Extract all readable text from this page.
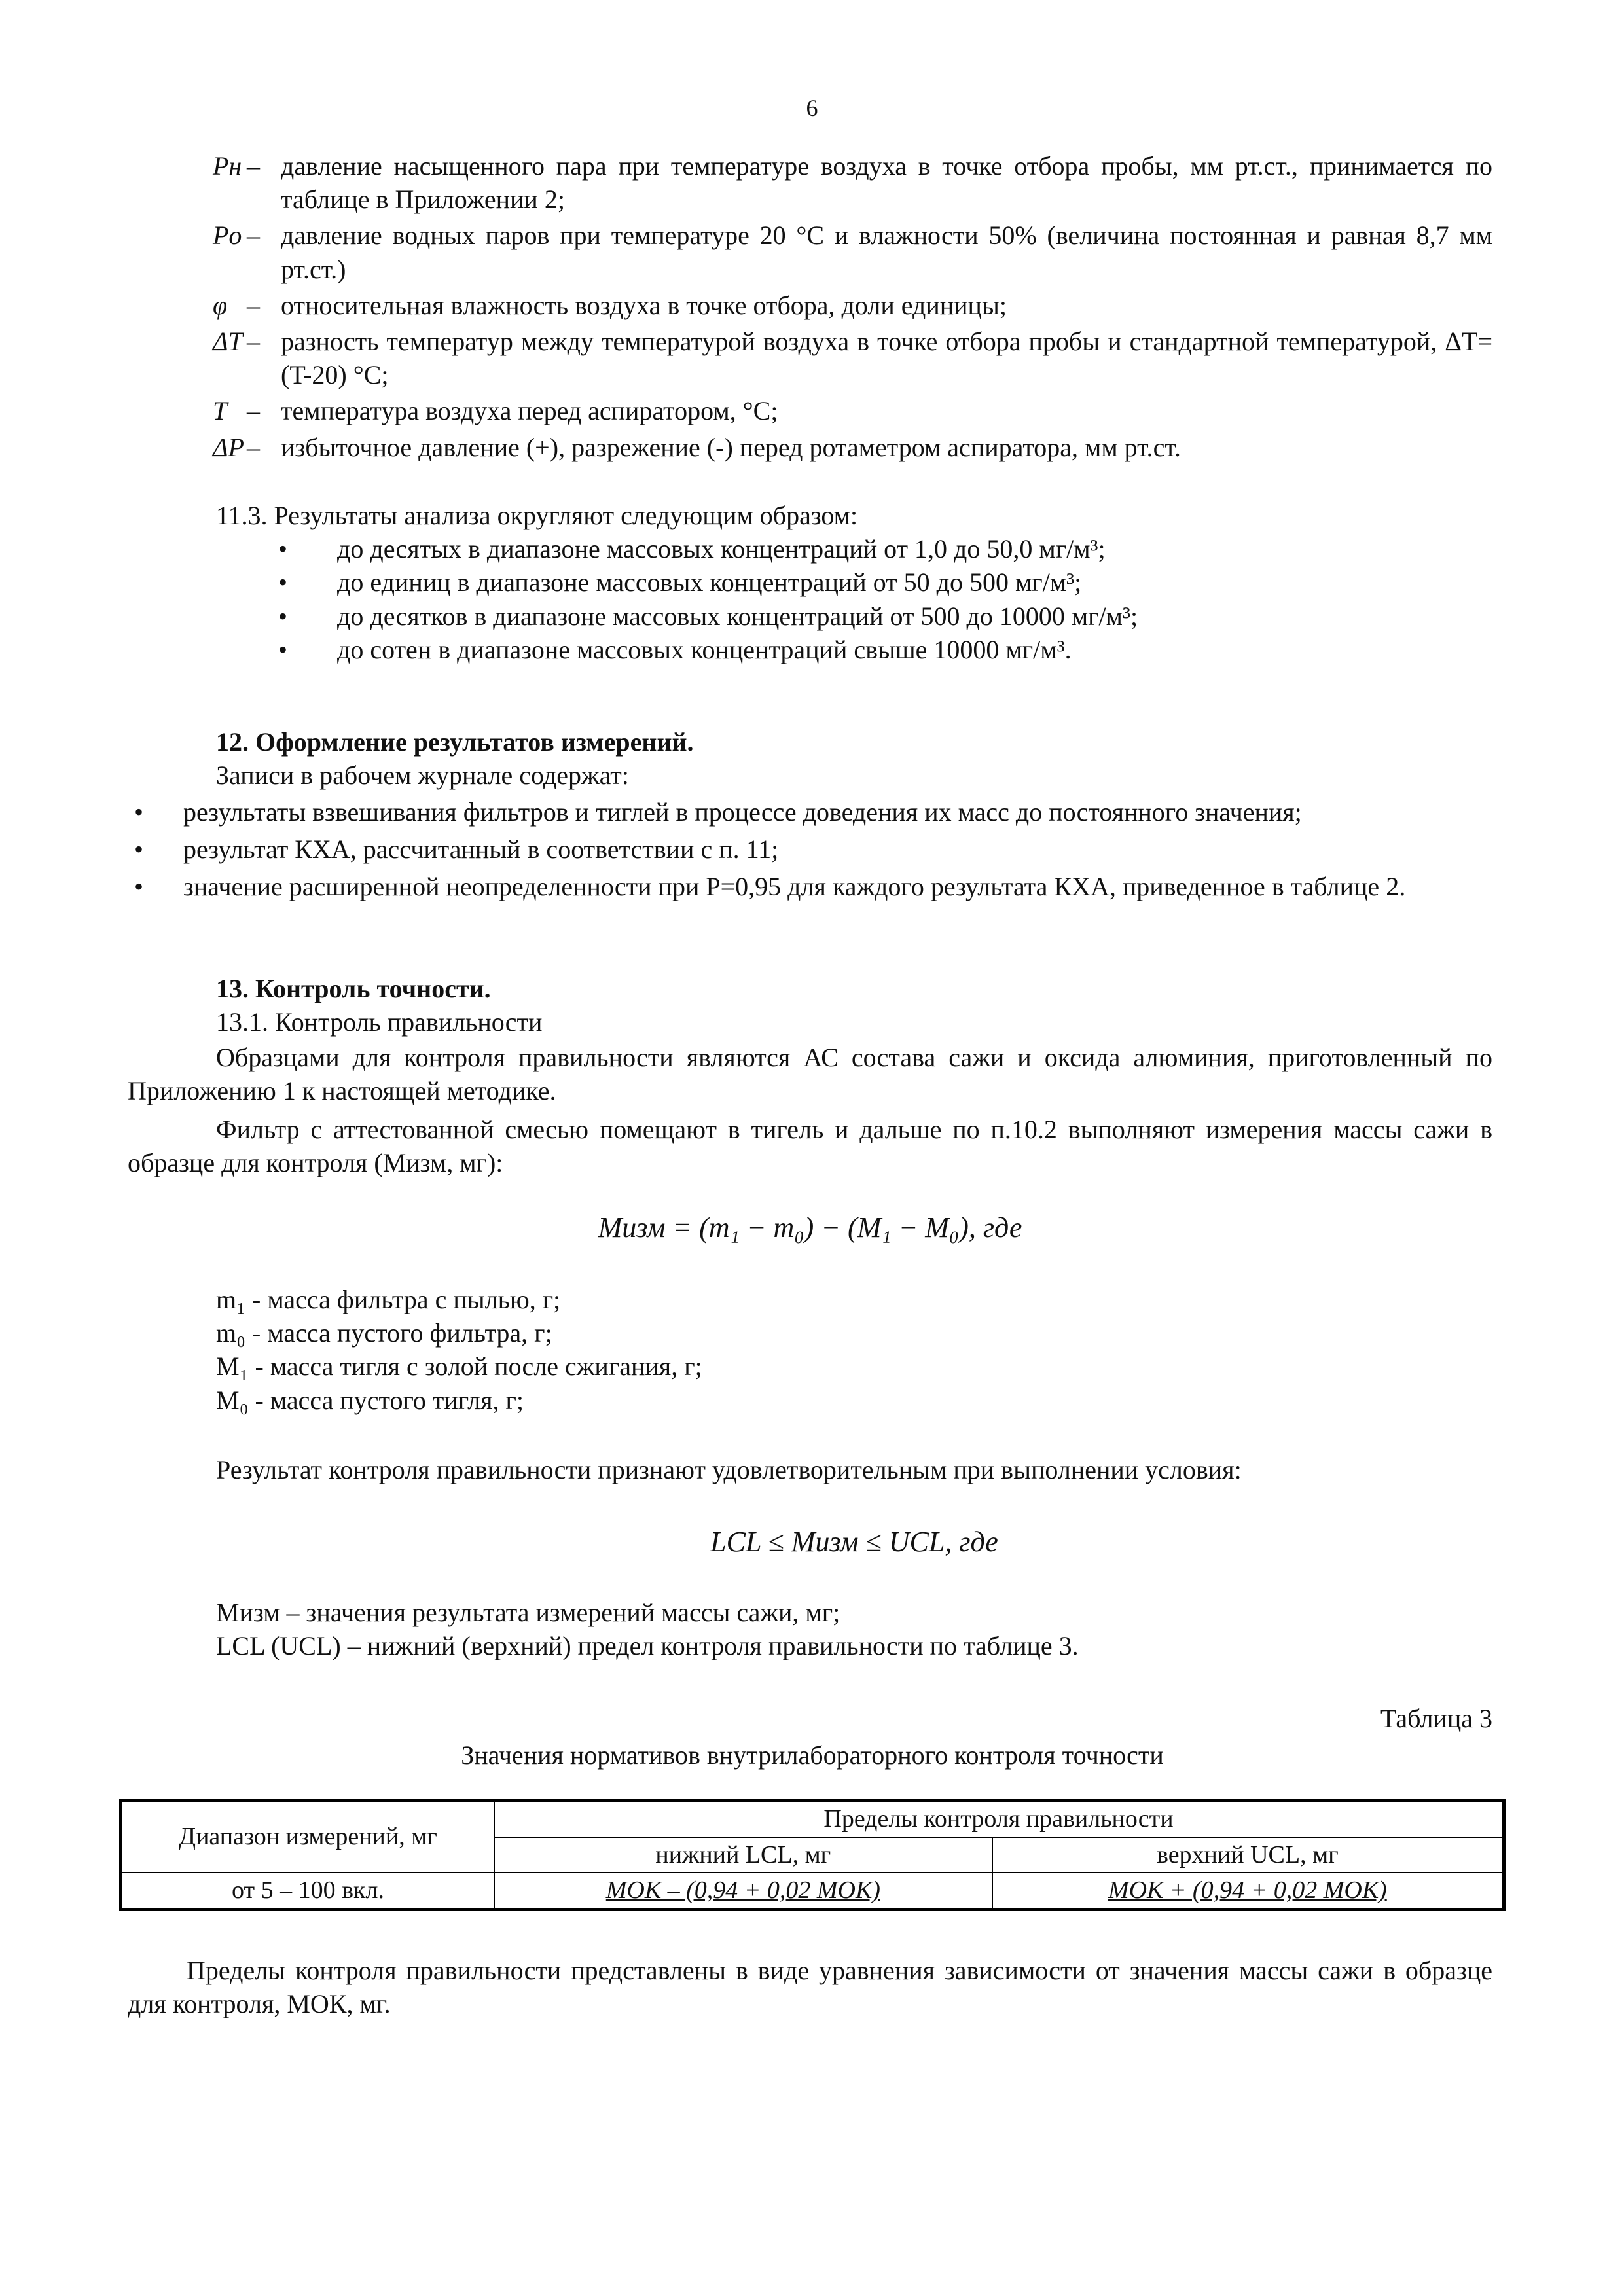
6
Pн – давление насыщенного пара при температуре воздуха в точке отбора пробы, мм рт.ст., принимается по таблице в Приложении 2;
Pо – давление водных паров при температуре 20 °С и влажности 50% (величина постоянная и равная 8,7 мм рт.ст.)
φ – относительная влажность воздуха в точке отбора, доли единицы;
ΔT – разность температур между температурой воздуха в точке отбора пробы и стандартной температурой, ΔT= (T-20) °С;
T – температура воздуха перед аспиратором, °С;
ΔP – избыточное давление (+), разрежение (-) перед ротаметром аспиратора, мм рт.ст.
11.3. Результаты анализа округляют следующим образом:
• до десятых в диапазоне массовых концентраций от 1,0 до 50,0 мг/м³;
• до единиц в диапазоне массовых концентраций от 50 до 500 мг/м³;
• до десятков в диапазоне массовых концентраций от 500 до 10000 мг/м³;
• до сотен в диапазоне массовых концентраций свыше 10000 мг/м³.
12. Оформление результатов измерений.
Записи в рабочем журнале содержат:
• результаты взвешивания фильтров и тиглей в процессе доведения их масс до постоянного значения;
• результат КХА, рассчитанный в соответствии с п. 11;
• значение расширенной неопределенности при Р=0,95 для каждого результата КХА, приведенное в таблице 2.
13. Контроль точности.
13.1. Контроль правильности
Образцами для контроля правильности являются АС состава сажи и оксида алюминия, приготовленный по Приложению 1 к настоящей методике.
Фильтр с аттестованной смесью помещают в тигель и дальше по п.10.2 выполняют измерения массы сажи в образце для контроля (Mизм, мг):
Mизм = (m₁ − m₀) − (M₁ − M₀), где
m₁ - масса фильтра с пылью, г;
m₀ - масса пустого фильтра, г;
M₁ - масса тигля с золой после сжигания, г;
M₀ - масса пустого тигля, г;
Результат контроля правильности признают удовлетворительным при выполнении условия:
LCL ≤ Mизм ≤ UCL, где
Mизм – значения результата измерений массы сажи, мг;
LCL (UCL) – нижний (верхний) предел контроля правильности по таблице 3.
Таблица 3
Значения нормативов внутрилабораторного контроля точности
Диапазон измерений, мг	Пределы контроля правильности	
	нижний LCL, мг	верхний UCL, мг
от 5 – 100 вкл.	MОК – (0,94 + 0,02 MОК)	MОК + (0,94 + 0,02 MОК)
Пределы контроля правильности представлены в виде уравнения зависимости от значения массы сажи в образце для контроля, MОК, мг.
